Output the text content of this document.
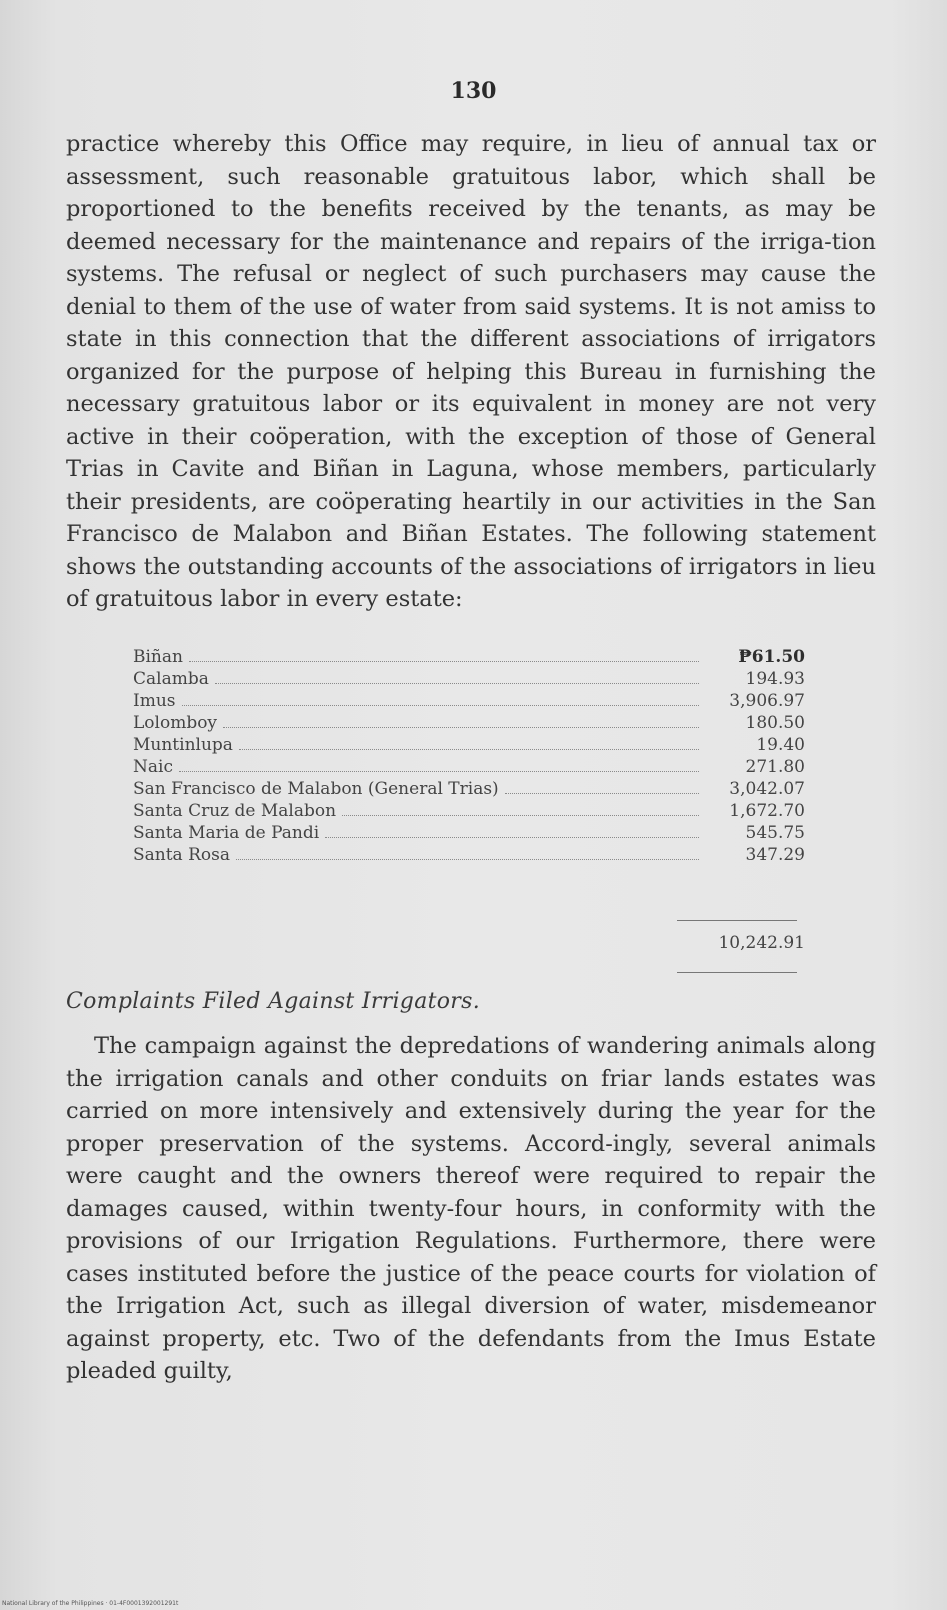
130
practice whereby this Office may require, in lieu of annual tax or assessment, such reasonable gratuitous labor, which shall be proportioned to the benefits received by the tenants, as may be deemed necessary for the maintenance and repairs of the irriga-tion systems. The refusal or neglect of such purchasers may cause the denial to them of the use of water from said systems. It is not amiss to state in this connection that the different associations of irrigators organized for the purpose of helping this Bureau in furnishing the necessary gratuitous labor or its equivalent in money are not very active in their coöperation, with the exception of those of General Trias in Cavite and Biñan in Laguna, whose members, particularly their presidents, are coöperating heartily in our activities in the San Francisco de Malabon and Biñan Estates. The following statement shows the outstanding accounts of the associations of irrigators in lieu of gratuitous labor in every estate:
Biñan	₱61.50
Calamba	194.93
Imus	3,906.97
Lolomboy	180.50
Muntinlupa	19.40
Naic	271.80
San Francisco de Malabon (General Trias)	3,042.07
Santa Cruz de Malabon	1,672.70
Santa Maria de Pandi	545.75
Santa Rosa	347.29
10,242.91
Complaints Filed Against Irrigators.
The campaign against the depredations of wandering animals along the irrigation canals and other conduits on friar lands estates was carried on more intensively and extensively during the year for the proper preservation of the systems. Accord-ingly, several animals were caught and the owners thereof were required to repair the damages caused, within twenty-four hours, in conformity with the provisions of our Irrigation Regulations. Furthermore, there were cases instituted before the justice of the peace courts for violation of the Irrigation Act, such as illegal diversion of water, misdemeanor against property, etc. Two of the defendants from the Imus Estate pleaded guilty,
National Library of the Philippines · 01-4F0001392001291t
